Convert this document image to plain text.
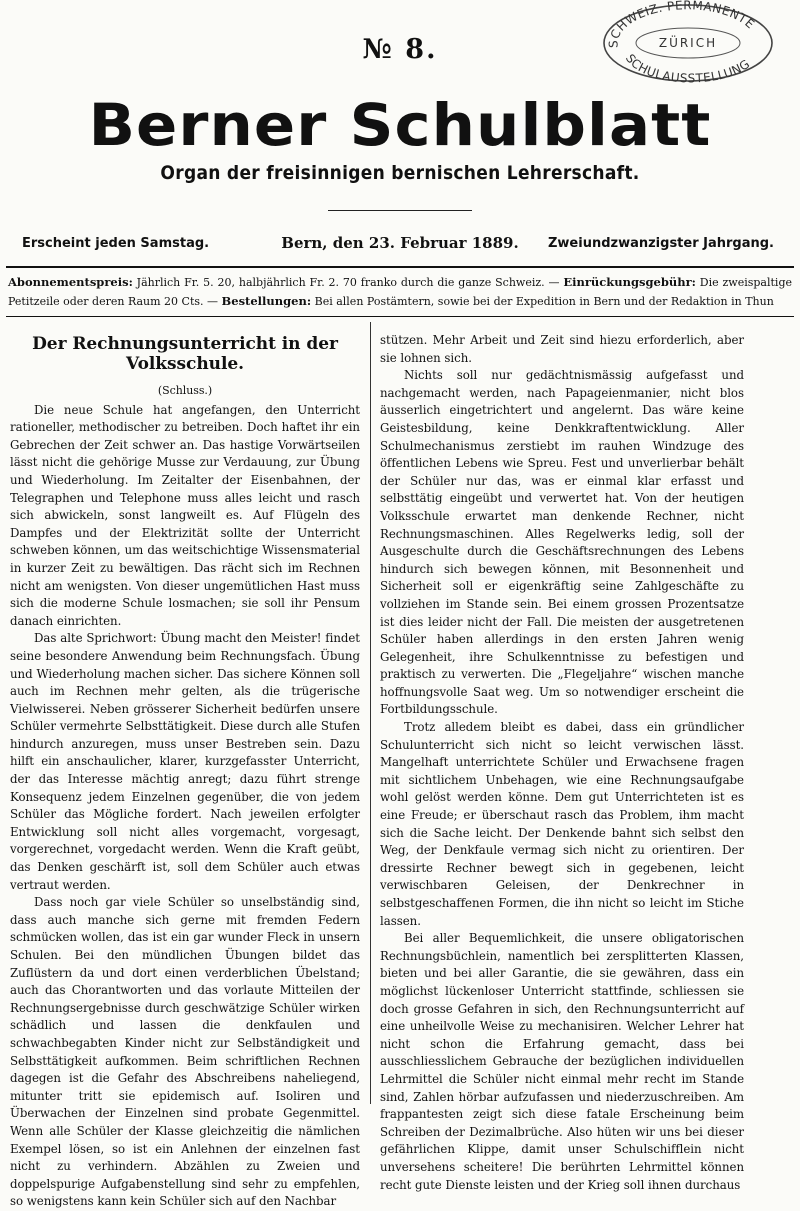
№ 8.	SCHWEIZ. PERMANENTE
ZÜRICH
SCHULAUSSTELLUNG
Berner Schulblatt
Organ der freisinnigen bernischen Lehrerschaft.
Erscheint jeden Samstag.	Bern, den 23. Februar 1889.	Zweiundzwanzigster Jahrgang.
Abonnementspreis: Jährlich Fr. 5. 20, halbjährlich Fr. 2. 70 franko durch die ganze Schweiz. — Einrückungsgebühr: Die zweispaltige Petitzeile oder deren Raum 20 Cts. — Bestellungen: Bei allen Postämtern, sowie bei der Expedition in Bern und der Redaktion in Thun

Der Rechnungsunterricht in der Volksschule.

(Schluss.)

Die neue Schule hat angefangen, den Unterricht rationeller, methodischer zu betreiben. Doch haftet ihr ein Gebrechen der Zeit schwer an. Das hastige Vorwärtseilen lässt nicht die gehörige Musse zur Verdauung, zur Übung und Wiederholung. Im Zeitalter der Eisenbahnen, der Telegraphen und Telephone muss alles leicht und rasch sich abwickeln, sonst langweilt es. Auf Flügeln des Dampfes und der Elektrizität sollte der Unterricht schweben können, um das weitschichtige Wissensmaterial in kurzer Zeit zu bewältigen. Das rächt sich im Rechnen nicht am wenigsten. Von dieser ungemütlichen Hast muss sich die moderne Schule losmachen; sie soll ihr Pensum danach einrichten.

Das alte Sprichwort: Übung macht den Meister! findet seine besondere Anwendung beim Rechnungsfach. Übung und Wiederholung machen sicher. Das sichere Können soll auch im Rechnen mehr gelten, als die trügerische Vielwisserei. Neben grösserer Sicherheit bedürfen unsere Schüler vermehrte Selbsttätigkeit. Diese durch alle Stufen hindurch anzuregen, muss unser Bestreben sein. Dazu hilft ein anschaulicher, klarer, kurzgefasster Unterricht, der das Interesse mächtig anregt; dazu führt strenge Konsequenz jedem Einzelnen gegenüber, die von jedem Schüler das Mögliche fordert. Nach jeweilen erfolgter Entwicklung soll nicht alles vorgemacht, vorgesagt, vorgerechnet, vorgedacht werden. Wenn die Kraft geübt, das Denken geschärft ist, soll dem Schüler auch etwas vertraut werden.

Dass noch gar viele Schüler so unselbständig sind, dass auch manche sich gerne mit fremden Federn schmücken wollen, das ist ein gar wunder Fleck in unsern Schulen. Bei den mündlichen Übungen bildet das Zuflüstern da und dort einen verderblichen Übelstand; auch das Chorantworten und das vorlaute Mitteilen der Rechnungsergebnisse durch geschwätzige Schüler wirken schädlich und lassen die denkfaulen und schwachbegabten Kinder nicht zur Selbständigkeit und Selbsttätigkeit aufkommen. Beim schriftlichen Rechnen dagegen ist die Gefahr des Abschreibens naheliegend, mitunter tritt sie epidemisch auf. Isoliren und Überwachen der Einzelnen sind probate Gegenmittel. Wenn alle Schüler der Klasse gleichzeitig die nämlichen Exempel lösen, so ist ein Anlehnen der einzelnen fast nicht zu verhindern. Abzählen zu Zweien und doppelspurige Aufgabenstellung sind sehr zu empfehlen, so wenigstens kann kein Schüler sich auf den Nachbar

stützen. Mehr Arbeit und Zeit sind hiezu erforderlich, aber sie lohnen sich.

Nichts soll nur gedächtnismässig aufgefasst und nachgemacht werden, nach Papageienmanier, nicht blos äusserlich eingetrichtert und angelernt. Das wäre keine Geistesbildung, keine Denkkraftentwicklung. Aller Schulmechanismus zerstiebt im rauhen Windzuge des öffentlichen Lebens wie Spreu. Fest und unverlierbar behält der Schüler nur das, was er einmal klar erfasst und selbsttätig eingeübt und verwertet hat. Von der heutigen Volksschule erwartet man denkende Rechner, nicht Rechnungsmaschinen. Alles Regelwerks ledig, soll der Ausgeschulte durch die Geschäftsrechnungen des Lebens hindurch sich bewegen können, mit Besonnenheit und Sicherheit soll er eigenkräftig seine Zahlgeschäfte zu vollziehen im Stande sein. Bei einem grossen Prozentsatze ist dies leider nicht der Fall. Die meisten der ausgetretenen Schüler haben allerdings in den ersten Jahren wenig Gelegenheit, ihre Schulkenntnisse zu befestigen und praktisch zu verwerten. Die „Flegeljahre“ wischen manche hoffnungsvolle Saat weg. Um so notwendiger erscheint die Fortbildungsschule.

Trotz alledem bleibt es dabei, dass ein gründlicher Schulunterricht sich nicht so leicht verwischen lässt. Mangelhaft unterrichtete Schüler und Erwachsene fragen mit sichtlichem Unbehagen, wie eine Rechnungsaufgabe wohl gelöst werden könne. Dem gut Unterrichteten ist es eine Freude; er überschaut rasch das Problem, ihm macht sich die Sache leicht. Der Denkende bahnt sich selbst den Weg, der Denkfaule vermag sich nicht zu orientiren. Der dressirte Rechner bewegt sich in gegebenen, leicht verwischbaren Geleisen, der Denkrechner in selbstgeschaffenen Formen, die ihn nicht so leicht im Stiche lassen.

Bei aller Bequemlichkeit, die unsere obligatorischen Rechnungsbüchlein, namentlich bei zersplitterten Klassen, bieten und bei aller Garantie, die sie gewähren, dass ein möglichst lückenloser Unterricht stattfinde, schliessen sie doch grosse Gefahren in sich, den Rechnungsunterricht auf eine unheilvolle Weise zu mechanisiren. Welcher Lehrer hat nicht schon die Erfahrung gemacht, dass bei ausschliesslichem Gebrauche der bezüglichen individuellen Lehrmittel die Schüler nicht einmal mehr recht im Stande sind, Zahlen hörbar aufzufassen und niederzuschreiben. Am frappantesten zeigt sich diese fatale Erscheinung beim Schreiben der Dezimalbrüche. Also hüten wir uns bei dieser gefährlichen Klippe, damit unser Schulschifflein nicht unversehens scheitere! Die berührten Lehrmittel können recht gute Dienste leisten und der Krieg soll ihnen durchaus
